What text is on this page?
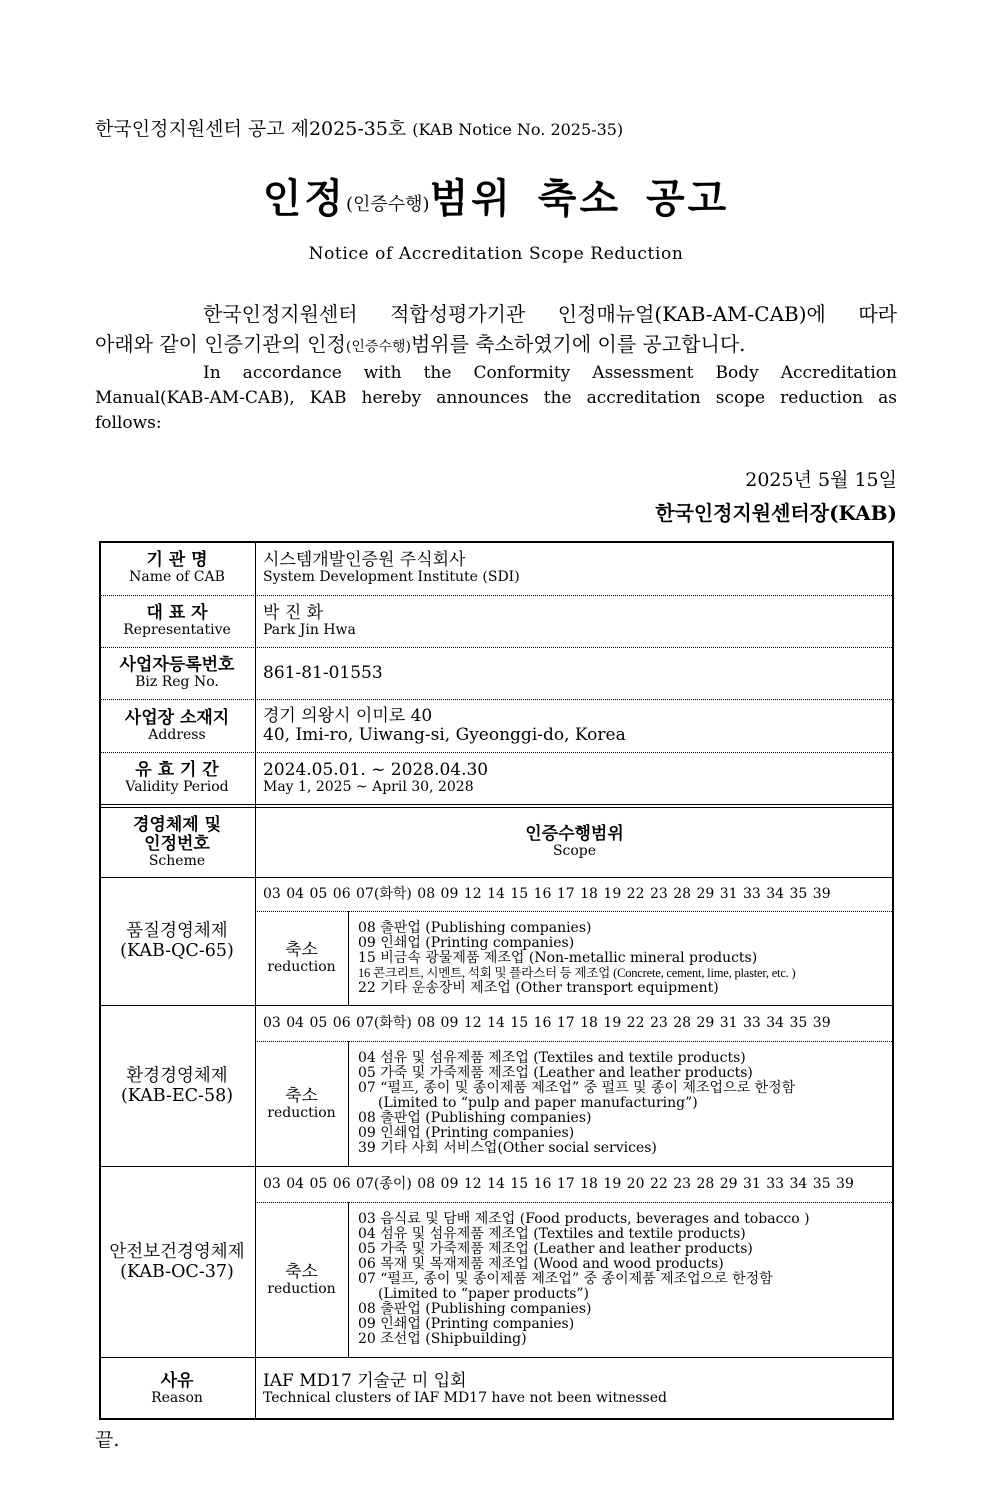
한국인정지원센터 공고 제2025-35호 (KAB Notice No. 2025-35)
인정(인증수행)범위 축소 공고
Notice of Accreditation Scope Reduction
한국인정지원센터 적합성평가기관 인정매뉴얼(KAB-AM-CAB)에 따라
아래와 같이 인증기관의 인정(인증수행)범위를 축소하였기에 이를 공고합니다.
In accordance with the Conformity Assessment Body Accreditation
Manual(KAB-AM-CAB), KAB hereby announces the accreditation scope reduction as
follows:
2025년 5월 15일
한국인정지원센터장(KAB)
기 관 명
Name of CAB
시스템개발인증원 주식회사
System Development Institute (SDI)
대 표 자
Representative
박 진 화
Park Jin Hwa
사업자등록번호
Biz Reg No.	861-81-01553
사업장 소재지
Address
경기 의왕시 이미로 40
40, Imi-ro, Uiwang-si, Gyeonggi-do, Korea
유 효 기 간
Validity Period
2024.05.01. ~ 2028.04.30
May 1, 2025 ~ April 30, 2028
경영체제 및
인정번호
Scheme
인증수행범위
Scope
품질경영체제
(KAB-QC-65)
03 04 05 06 07(화학) 08 09 12 14 15 16 17 18 19 22 23 28 29 31 33 34 35 39
축소
reduction
08 출판업 (Publishing companies)
09 인쇄업 (Printing companies)
15 비금속 광물제품 제조업 (Non-metallic mineral products)
16 콘크리트, 시멘트, 석회 및 플라스터 등 제조업 (Concrete, cement, lime, plaster, etc. )
22 기타 운송장비 제조업 (Other transport equipment)
환경경영체제
(KAB-EC-58)
03 04 05 06 07(화학) 08 09 12 14 15 16 17 18 19 22 23 28 29 31 33 34 35 39
축소
reduction
04 섬유 및 섬유제품 제조업 (Textiles and textile products)
05 가죽 및 가죽제품 제조업 (Leather and leather products)
07 “펄프, 종이 및 종이제품 제조업” 중 펄프 및 종이 제조업으로 한정함
(Limited to “pulp and paper manufacturing”)
08 출판업 (Publishing companies)
09 인쇄업 (Printing companies)
39 기타 사회 서비스업(Other social services)
안전보건경영체제
(KAB-OC-37)
03 04 05 06 07(종이) 08 09 12 14 15 16 17 18 19 20 22 23 28 29 31 33 34 35 39
축소
reduction
03 음식료 및 담배 제조업 (Food products, beverages and tobacco )
04 섬유 및 섬유제품 제조업 (Textiles and textile products)
05 가죽 및 가죽제품 제조업 (Leather and leather products)
06 목재 및 목재제품 제조업 (Wood and wood products)
07 “펄프, 종이 및 종이제품 제조업” 중 종이제품 제조업으로 한정함
(Limited to “paper products”)
08 출판업 (Publishing companies)
09 인쇄업 (Printing companies)
20 조선업 (Shipbuilding)
사유
Reason
IAF MD17 기술군 미 입회
Technical clusters of IAF MD17 have not been witnessed
끝.
